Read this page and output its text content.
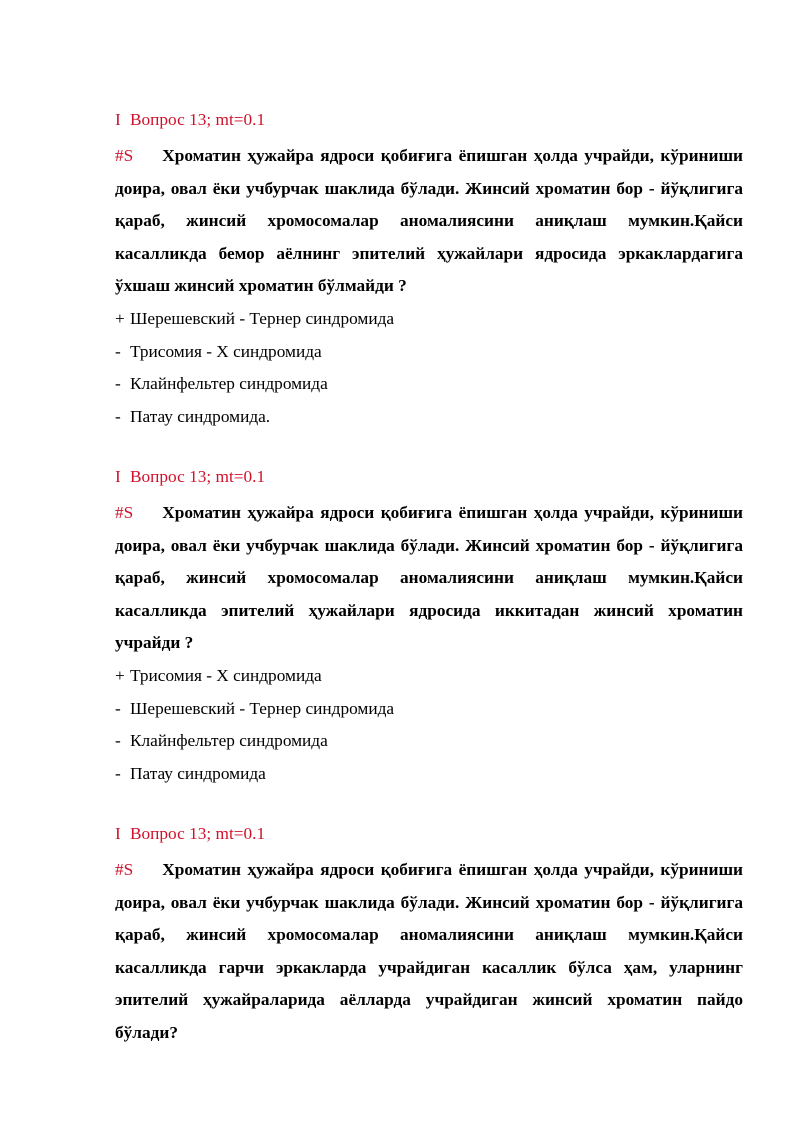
I Вопрос 13; mt=0.1
#S Хроматин ҳужайра ядроси қобиғига ёпишган ҳолда учрайди, кўриниши доира, овал ёки учбурчак шаклида бўлади. Жинсий хроматин бор - йўқлигига қараб, жинсий хромосомалар аномалиясини аниқлаш мумкин.Қайси касалликда бемор аёлнинг эпителий ҳужайлари ядросида эркаклардагига ўхшаш жинсий хроматин бўлмайди ?
+ Шерешевский - Тернер синдромида
- Трисомия - Х синдромида
- Клайнфельтер синдромида
- Патау синдромида.
I Вопрос 13; mt=0.1
#S Хроматин ҳужайра ядроси қобиғига ёпишган ҳолда учрайди, кўриниши доира, овал ёки учбурчак шаклида бўлади. Жинсий хроматин бор - йўқлигига қараб, жинсий хромосомалар аномалиясини аниқлаш мумкин.Қайси касалликда эпителий ҳужайлари ядросида иккитадан жинсий хроматин учрайди ?
+ Трисомия - Х синдромида
- Шерешевский - Тернер синдромида
- Клайнфельтер синдромида
- Патау синдромида
I Вопрос 13; mt=0.1
#S Хроматин ҳужайра ядроси қобиғига ёпишган ҳолда учрайди, кўриниши доира, овал ёки учбурчак шаклида бўлади. Жинсий хроматин бор - йўқлигига қараб, жинсий хромосомалар аномалиясини аниқлаш мумкин.Қайси касалликда гарчи эркакларда учрайдиган касаллик бўлса ҳам, уларнинг эпителий ҳужайраларида аёлларда учрайдиган жинсий хроматин пайдо бўлади?
